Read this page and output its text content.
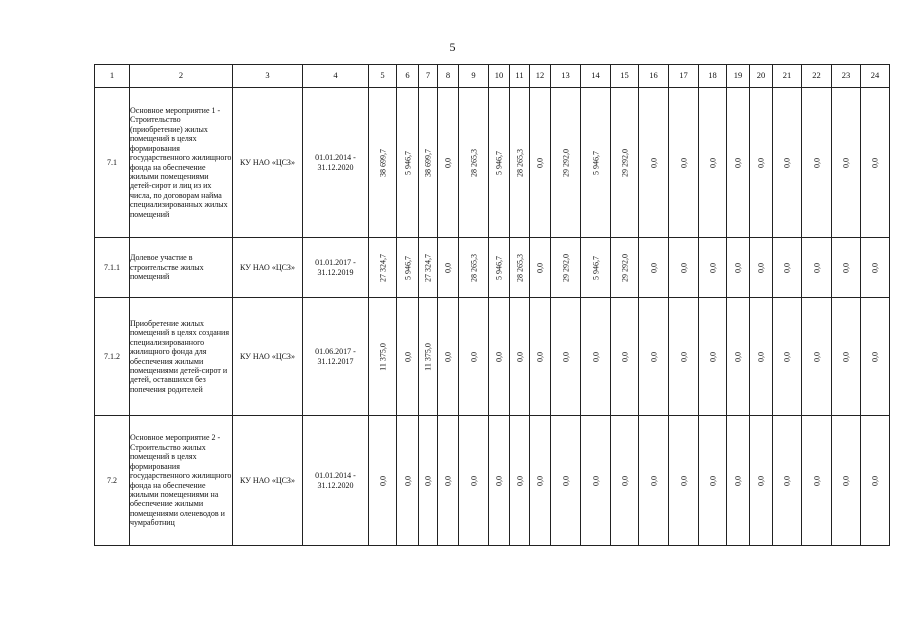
5
1	2	3	4	5	6	7	8	9	10	11	12	13	14	15	16	17	18	19	20	21	22	23	24
7.1	Основное мероприятие 1 - Строительство (приобретение) жилых помещений в целях формирования государственного жилищного фонда на обеспечение жилыми помещениями детей-сирот и лиц из их числа, по договорам найма специализированных жилых помещений	КУ НАО «ЦСЗ»	01.01.2014 - 31.12.2020	38 699,7	5 946,7	38 699,7	0,0	28 265,3	5 946,7	28 265,3	0,0	29 292,0	5 946,7	29 292,0	0,0	0,0	0,0	0,0	0,0	0,0	0,0	0,0	0,0

7.1.1	Долевое участие в строительстве жилых помещений	КУ НАО «ЦСЗ»	01.01.2017 - 31.12.2019	27 324,7	5 946,7	27 324,7	0,0	28 265,3	5 946,7	28 265,3	0,0	29 292,0	5 946,7	29 292,0	0,0	0,0	0,0	0,0	0,0	0,0	0,0	0,0	0,0

7.1.2	Приобретение жилых помещений в целях создания специализированного жилищного фонда для обеспечения жилыми помещениями детей-сирот и детей, оставшихся без попечения родителей	КУ НАО «ЦСЗ»	01.06.2017 - 31.12.2017	11 375,0	0,0	11 375,0	0,0	0,0	0,0	0,0	0,0	0,0	0,0	0,0	0,0	0,0	0,0	0,0	0,0	0,0	0,0	0,0	0,0

7.2	Основное мероприятие 2 - Строительство жилых помещений в целях формирования государственного жилищного фонда на обеспечение жилыми помещениями на обеспечение жилыми помещениями оленеводов и чумработниц	КУ НАО «ЦСЗ»	01.01.2014 - 31.12.2020	0,0	0,0	0,0	0,0	0,0	0,0	0,0	0,0	0,0	0,0	0,0	0,0	0,0	0,0	0,0	0,0	0,0	0,0	0,0	0,0
